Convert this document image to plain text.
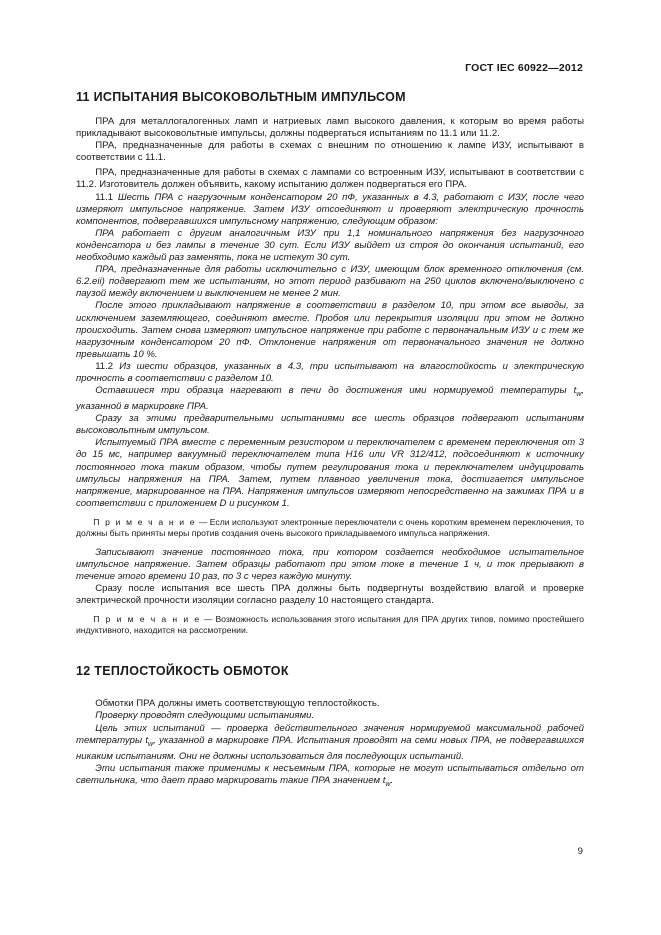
ГОСТ IEC 60922—2012
11 ИСПЫТАНИЯ ВЫСОКОВОЛЬТНЫМ ИМПУЛЬСОМ

  ПРА для металлогалогенных ламп и натриевых ламп высокого давления, к которым во время работы прикладывают высоковольтные импульсы, должны подвергаться испытаниям по 11.1 или 11.2.

  ПРА, предназначенные для работы в схемах с внешним по отношению к лампе ИЗУ, испытывают в соответствии с 11.1.

  ПРА, предназначенные для работы в схемах с лампами со встроенным ИЗУ, испытывают в соответствии с 11.2. Изготовитель должен объявить, какому испытанию должен подвергаться его ПРА.

  11.1 Шесть ПРА с нагрузочным конденсатором 20 пФ, указанных в 4.3, работают с ИЗУ, после чего измеряют импульсное напряжение. Затем ИЗУ отсоединяют и проверяют электрическую прочность компонентов, подвергавшихся импульсному напряжению, следующим образом:

  ПРА работает с другим аналогичным ИЗУ при 1,1 номинального напряжения без нагрузочного конденсатора и без лампы в течение 30 сут. Если ИЗУ выйдет из строя до окончания испытаний, его необходимо каждый раз заменять, пока не истекут 30 сут.

  ПРА, предназначенные для работы исключительно с ИЗУ, имеющим блок временного отключения (см. 6.2.eii) подвергают тем же испытаниям, но этот период разбивают на 250 циклов включено/выключено с паузой между включением и выключением не менее 2 мин.

  После этого прикладывают напряжение в соответствии в разделом 10, при этом все выводы, за исключением заземляющего, соединяют вместе. Пробоя или перекрытия изоляции при этом не должно происходить. Затем снова измеряют импульсное напряжение при работе с первоначальным ИЗУ и с тем же нагрузочным конденсатором 20 пФ. Отклонение напряжения от первоначального значения не должно превышать 10 %.

  11.2 Из шести образцов, указанных в 4.3, три испытывают на влагостойкость и электрическую прочность в соответствии с разделом 10.

  Оставшиеся три образца нагревают в печи до достижения ими нормируемой температуры $t_w$, указанной в маркировке ПРА.

  Сразу за этими предварительными испытаниями все шесть образцов подвергают испытаниям высоковольтным импульсом.

  Испытуемый ПРА вместе с переменным резистором и переключателем с временем переключения от 3 до 15 мс, например вакуумный переключателем типа H16 или VR 312/412, подсоединяют к источнику постоянного тока таким образом, чтобы путем регулирования тока и переключателем индуцировать импульсы напряжения на ПРА. Затем, путем плавного увеличения тока, достигается импульсное напряжение, маркированное на ПРА. Напряжения импульсов измеряют непосредственно на зажимах ПРА и в соответствии с приложением D и рисунком 1.

  П р и м е ч а н и е — Если используют электронные переключатели с очень коротким временем переключения, то должны быть приняты меры против создания очень высокого прикладываемого импульса напряжения.

  Записывают значение постоянного тока, при котором создается необходимое испытательное импульсное напряжение. Затем образцы работают при этом токе в течение 1 ч, и ток прерывают в течение этого времени 10 раз, по 3 с через каждую минуту.

  Сразу после испытания все шесть ПРА должны быть подвергнуты воздействию влагой и проверке электрической прочности изоляции согласно разделу 10 настоящего стандарта.

  П р и м е ч а н и е — Возможность использования этого испытания для ПРА других типов, помимо простейшего индуктивного, находится на рассмотрении.

12 ТЕПЛОСТОЙКОСТЬ ОБМОТОК

  Обмотки ПРА должны иметь соответствующую теплостойкость.

  Проверку проводят следующими испытаниями.

  Цель этих испытаний — проверка действительного значения нормируемой максимальной рабочей температуры $t_w$, указанной в маркировке ПРА. Испытания проводят на семи новых ПРА, не подвергавшихся никаким испытаниям. Они не должны использоваться для последующих испытаний.

  Эти испытания также применимы к несъемным ПРА, которые не могут испытываться отдельно от светильника, что дает право маркировать такие ПРА значением $t_w$.

9
